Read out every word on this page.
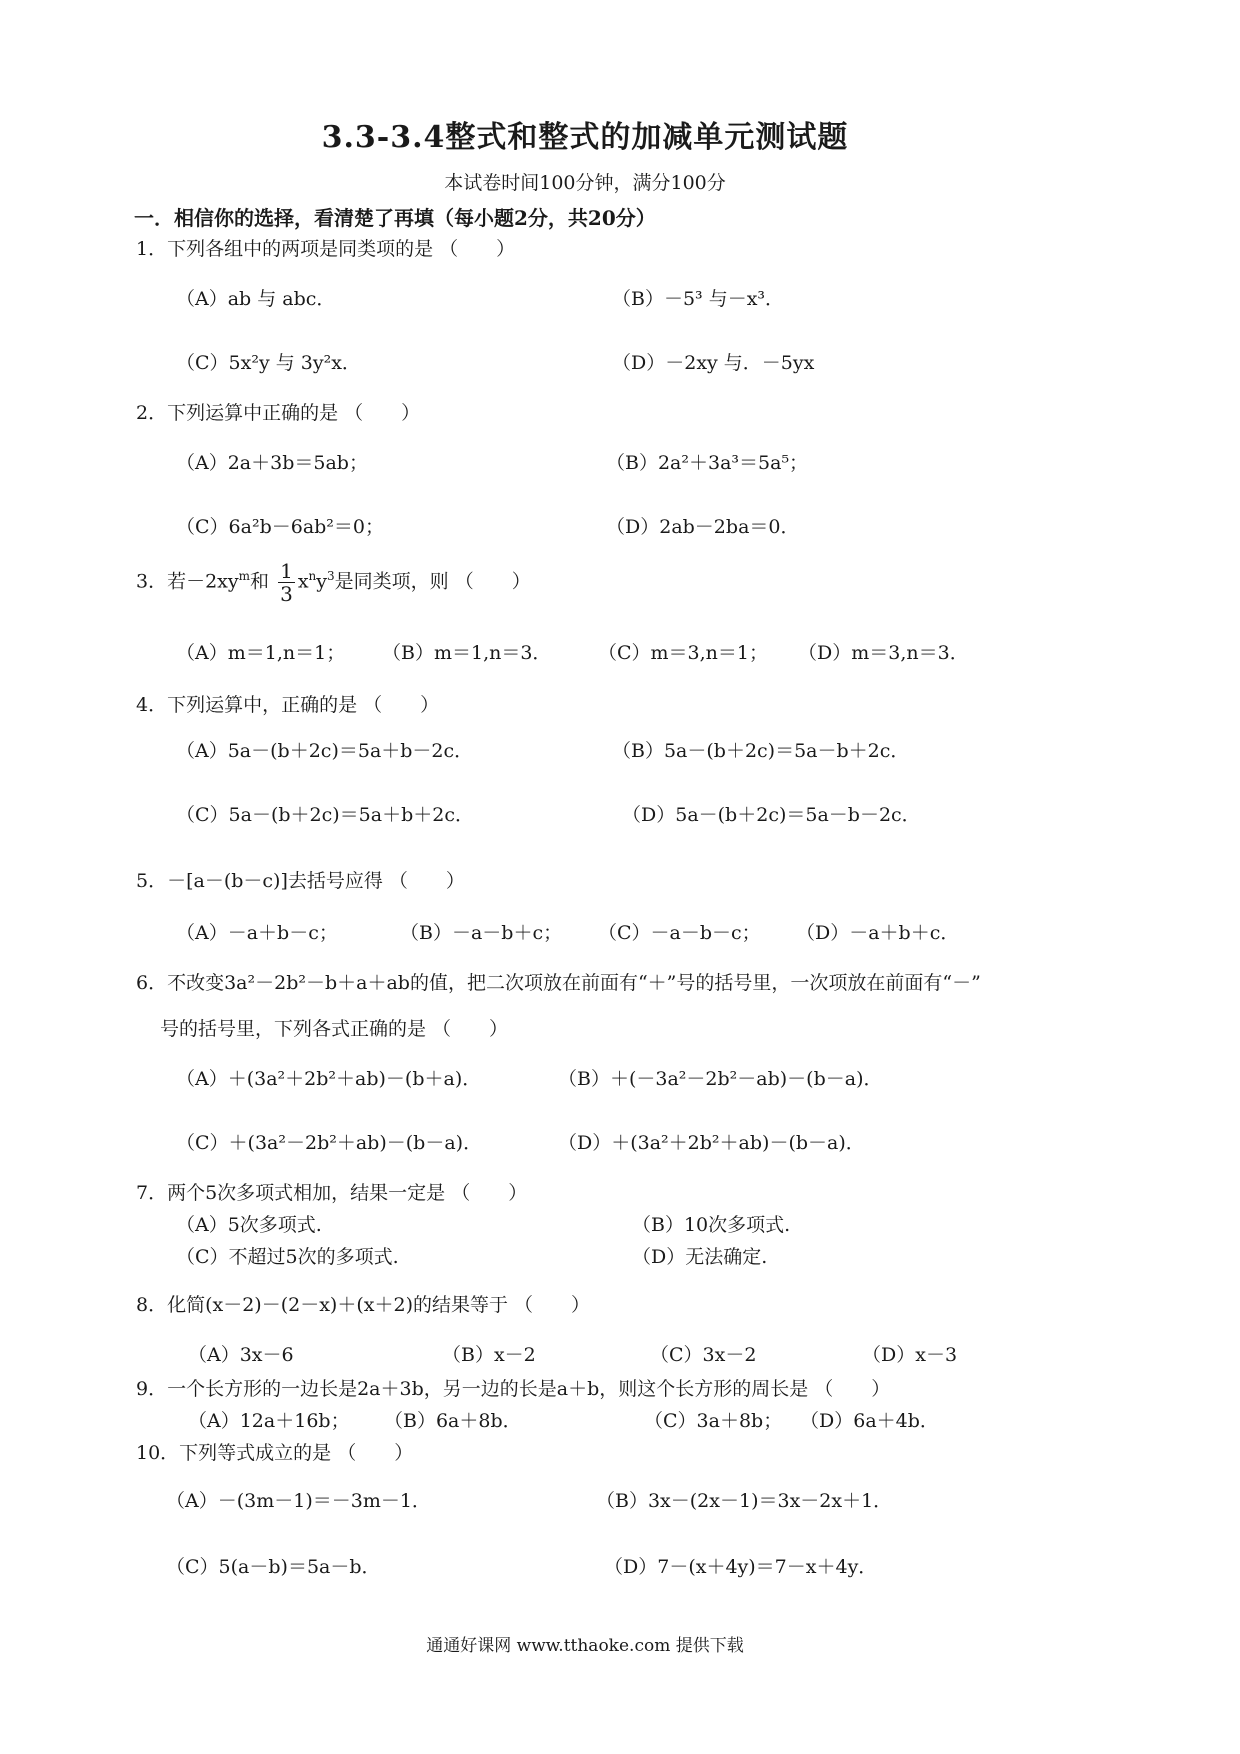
3.3-3.4整式和整式的加减单元测试题
本试卷时间100分钟，满分100分
一．相信你的选择，看清楚了再填（每小题2分，共20分）
1．下列各组中的两项是同类项的是 （　　）
（A）ab 与 abc．	（B）－5³ 与－x³．
（C）5x²y 与 3y²x．	（D）－2xy 与．－5yx
2．下列运算中正确的是 （　　）
（A）2a＋3b＝5ab；	（B）2a²＋3a³＝5a⁵；
（C）6a²b－6ab²＝0；	（D）2ab－2ba＝0．
3．若$-2xy^m$和 $\frac{1}{3} x^ny^3$是同类项，则 （　　）
（A）m＝1,n＝1； （B）m＝1,n＝3． （C）m＝3,n＝1； （D）m＝3,n＝3．
4．下列运算中，正确的是 （　　）
（A）5a－(b＋2c)＝5a＋b－2c．	（B）5a－(b＋2c)＝5a－b＋2c．
（C）5a－(b＋2c)＝5a＋b＋2c．	（D）5a－(b＋2c)＝5a－b－2c．
5．－[a－(b－c)]去括号应得 （　　）
（A）－a＋b－c；	（B）－a－b＋c； （C）－a－b－c； （D）－a＋b＋c．
6．不改变3a²－2b²－b＋a＋ab的值，把二次项放在前面有“＋”号的括号里，一次项放在前面有“－”
号的括号里，下列各式正确的是 （　　）
（A）＋(3a²＋2b²＋ab)－(b＋a)．	（B）＋(－3a²－2b²－ab)－(b－a)．
（C）＋(3a²－2b²＋ab)－(b－a)．	（D）＋(3a²＋2b²＋ab)－(b－a)．
7．两个5次多项式相加，结果一定是 （　　）
（A）5次多项式.	（B）10次多项式.
（C）不超过5次的多项式.	（D）无法确定.
8．化简(x－2)－(2－x)＋(x＋2)的结果等于 （　　）
（A）3x－6	（B）x－2	（C）3x－2	（D）x－3
9．一个长方形的一边长是2a＋3b，另一边的长是a＋b，则这个长方形的周长是 （　　）
（A）12a＋16b； （B）6a＋8b．	（C）3a＋8b； （D）6a＋4b．
10．下列等式成立的是 （　　）
（A）－(3m－1)＝－3m－1．	（B）3x－(2x－1)＝3x－2x＋1．
（C）5(a－b)＝5a－b．	（D）7－(x＋4y)＝7－x＋4y．
通通好课网 www.tthaoke.com 提供下载
